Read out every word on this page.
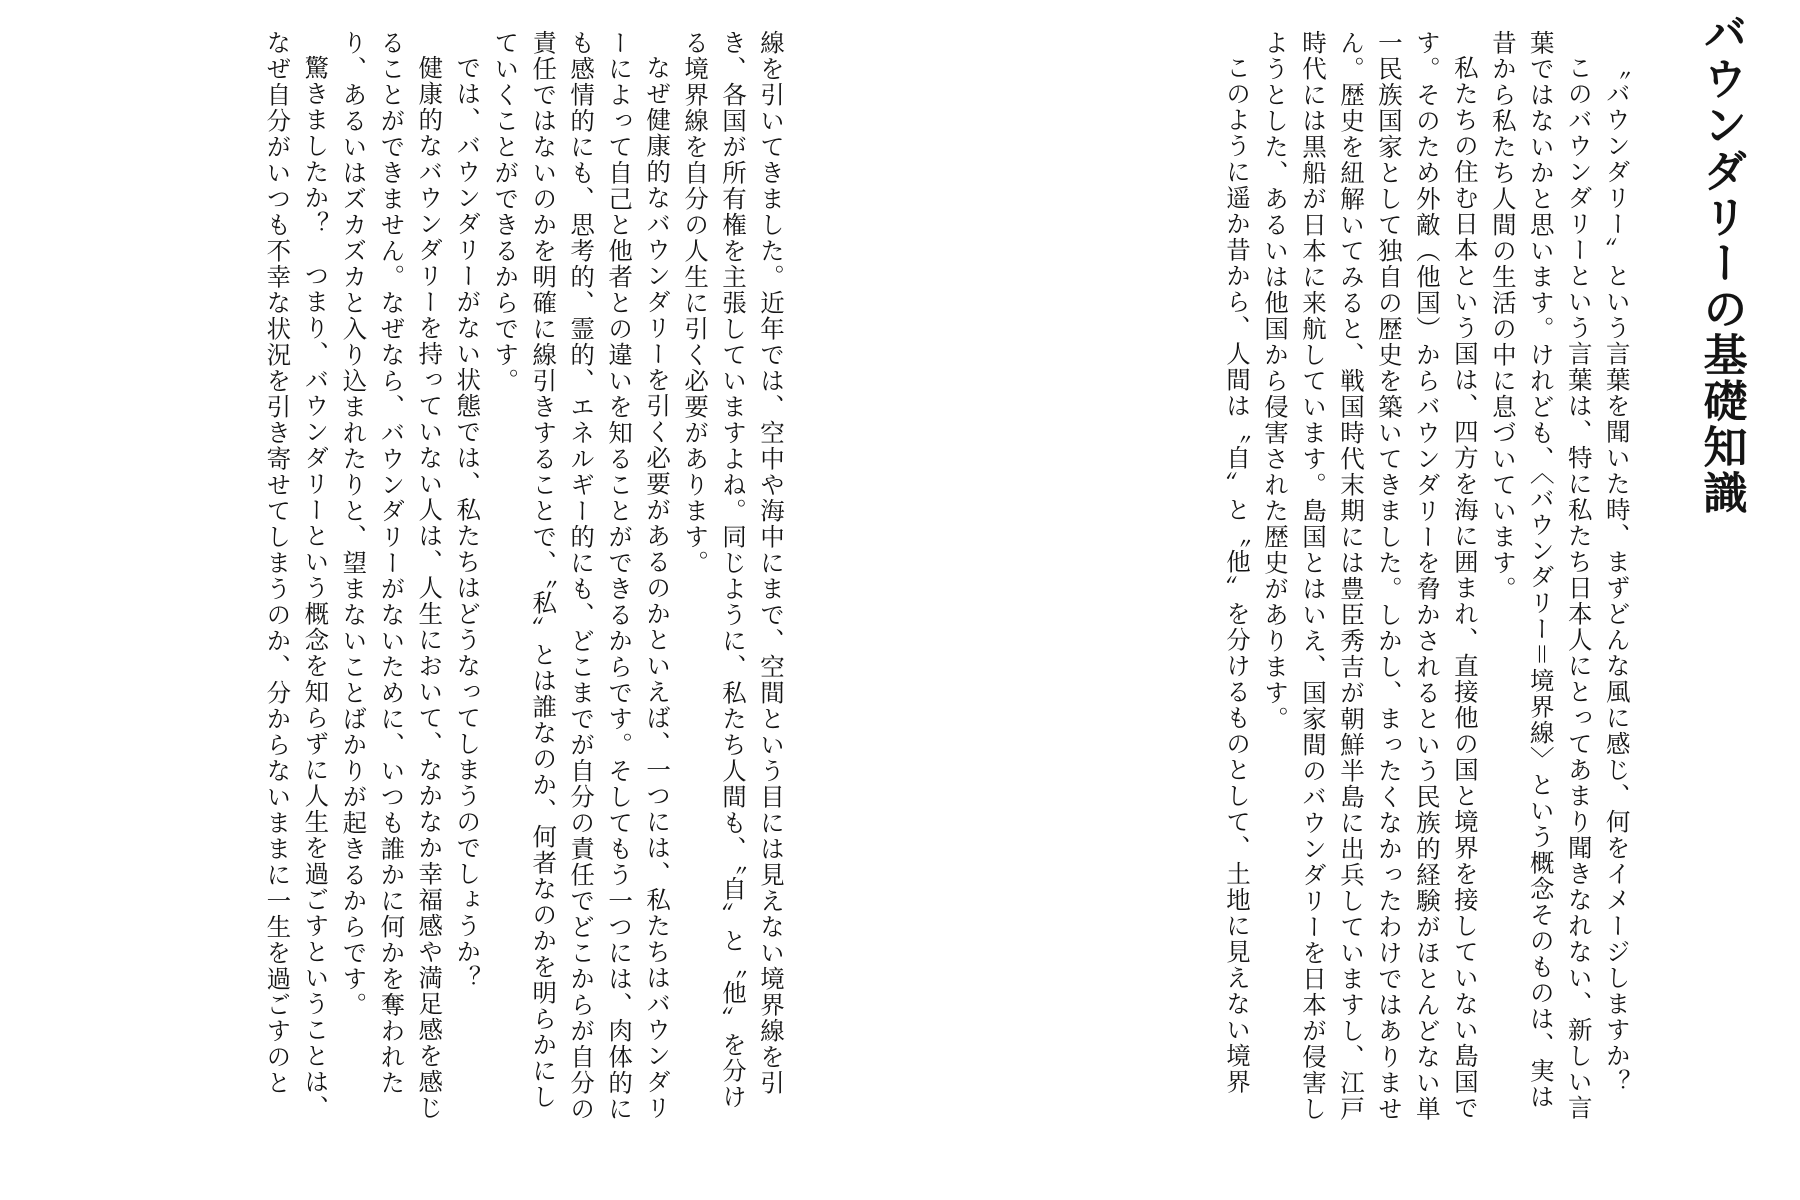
バウンダリーの基礎知識

〝バウンダリー〟という言葉を聞いた時、まずどんな風に感じ、何をイメージしますか？

このバウンダリーという言葉は、特に私たち日本人にとってあまり聞きなれない、新しい言葉ではないかと思います。けれども、〈バウンダリー＝境界線〉という概念そのものは、実は昔から私たち人間の生活の中に息づいています。

私たちの住む日本という国は、四方を海に囲まれ、直接他の国と境界を接していない島国です。そのため外敵（他国）からバウンダリーを脅かされるという民族的経験がほとんどない単一民族国家として独自の歴史を築いてきました。しかし、まったくなかったわけではありません。歴史を紐解いてみると、戦国時代末期には豊臣秀吉が朝鮮半島に出兵していますし、江戸時代には黒船が日本に来航しています。島国とはいえ、国家間のバウンダリーを日本が侵害しようとした、あるいは他国から侵害された歴史があります。

このように遥か昔から、人間は〝自〟と〝他〟を分けるものとして、土地に見えない境界

線を引いてきました。近年では、空中や海中にまで、空間という目には見えない境界線を引き、各国が所有権を主張していますよね。同じように、私たち人間も、〝自〟と〝他〟を分ける境界線を自分の人生に引く必要があります。

なぜ健康的なバウンダリーを引く必要があるのかといえば、一つには、私たちはバウンダリーによって自己と他者との違いを知ることができるからです。そしてもう一つには、肉体的にも感情的にも、思考的、霊的、エネルギー的にも、どこまでが自分の責任でどこからが自分の責任ではないのかを明確に線引きすることで、〝私〟とは誰なのか、何者なのかを明らかにしていくことができるからです。

では、バウンダリーがない状態では、私たちはどうなってしまうのでしょうか？

健康的なバウンダリーを持っていない人は、人生において、なかなか幸福感や満足感を感じることができません。なぜなら、バウンダリーがないために、いつも誰かに何かを奪われたり、あるいはズカズカと入り込まれたりと、望まないことばかりが起きるからです。

驚きましたか？　つまり、バウンダリーという概念を知らずに人生を過ごすということは、なぜ自分がいつも不幸な状況を引き寄せてしまうのか、分からないままに一生を過ごすのと
